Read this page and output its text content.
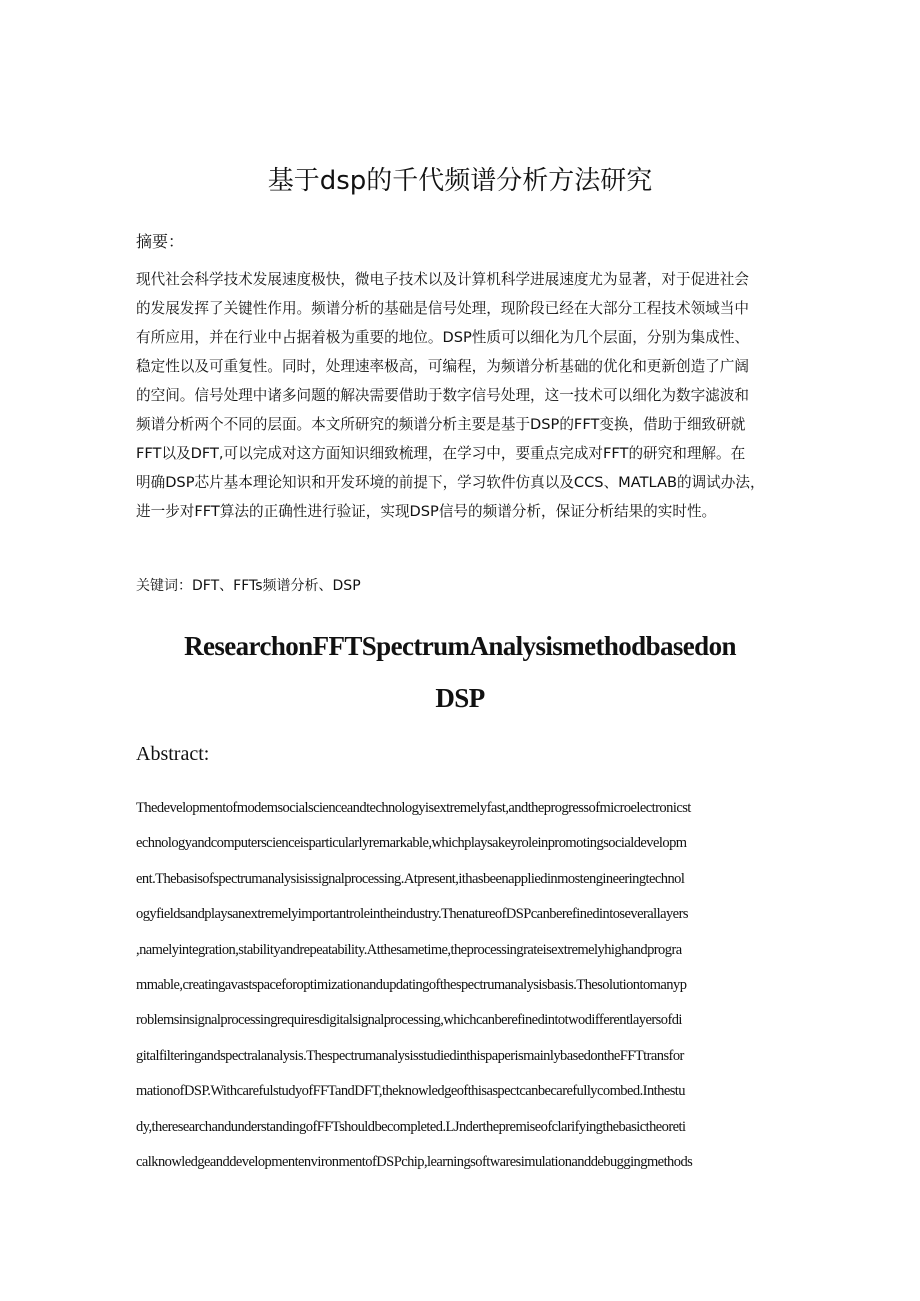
基于dsp的千代频谱分析方法研究
摘要：
现代社会科学技术发展速度极快，微电子技术以及计算机科学进展速度尤为显著，对于促进社会
的发展发挥了关键性作用。频谱分析的基础是信号处理，现阶段已经在大部分工程技术领域当中
有所应用，并在行业中占据着极为重要的地位。DSP性质可以细化为几个层面，分别为集成性、
稳定性以及可重复性。同时，处理速率极高，可编程，为频谱分析基础的优化和更新创造了广阔
的空间。信号处理中诸多问题的解决需要借助于数字信号处理，这一技术可以细化为数字滤波和
频谱分析两个不同的层面。本文所研究的频谱分析主要是基于DSP的FFT变换，借助于细致研就
FFT以及DFT,可以完成对这方面知识细致梳理，在学习中，要重点完成对FFT的研究和理解。在
明确DSP芯片基本理论知识和开发环境的前提下，学习软件仿真以及CCS、MATLAB的调试办法，
进一步对FFT算法的正确性进行验证，实现DSP信号的频谱分析，保证分析结果的实时性。
关键词：DFT、FFTs频谱分析、DSP
ResearchonFFTSpectrumAnalysismethodbasedon
DSP
Abstract:
Thedevelopmentofmodemsocialscienceandtechnologyisextremelyfast,andtheprogressofmicroelectronicst
echnologyandcomputerscienceisparticularlyremarkable,whichplaysakeyroleinpromotingsocialdevelopm
ent.Thebasisofspectrumanalysisissignalprocessing.Atpresent,ithasbeenappliedinmostengineeringtechnol
ogyfieldsandplaysanextremelyimportantroleintheindustry.ThenatureofDSPcanberefinedintoseverallayers
,namelyintegration,stabilityandrepeatability.Atthesametime,theprocessingrateisextremelyhighandprogra
mmable,creatingavastspaceforoptimizationandupdatingofthespectrumanalysisbasis.Thesolutiontomanyp
roblemsinsignalprocessingrequiresdigitalsignalprocessing,whichcanberefinedintotwodifferentlayersofdi
gitalfilteringandspectralanalysis.ThespectrumanalysisstudiedinthispaperismainlybasedontheFFTtransfor
mationofDSP.WithcarefulstudyofFFTandDFT,theknowledgeofthisaspectcanbecarefullycombed.Inthestu
dy,theresearchandunderstandingofFFTshouldbecompleted.LJnderthepremiseofclarifyingthebasictheoreti
calknowledgeanddevelopmentenvironmentofDSPchip,learningsoftwaresimulationanddebuggingmethods
